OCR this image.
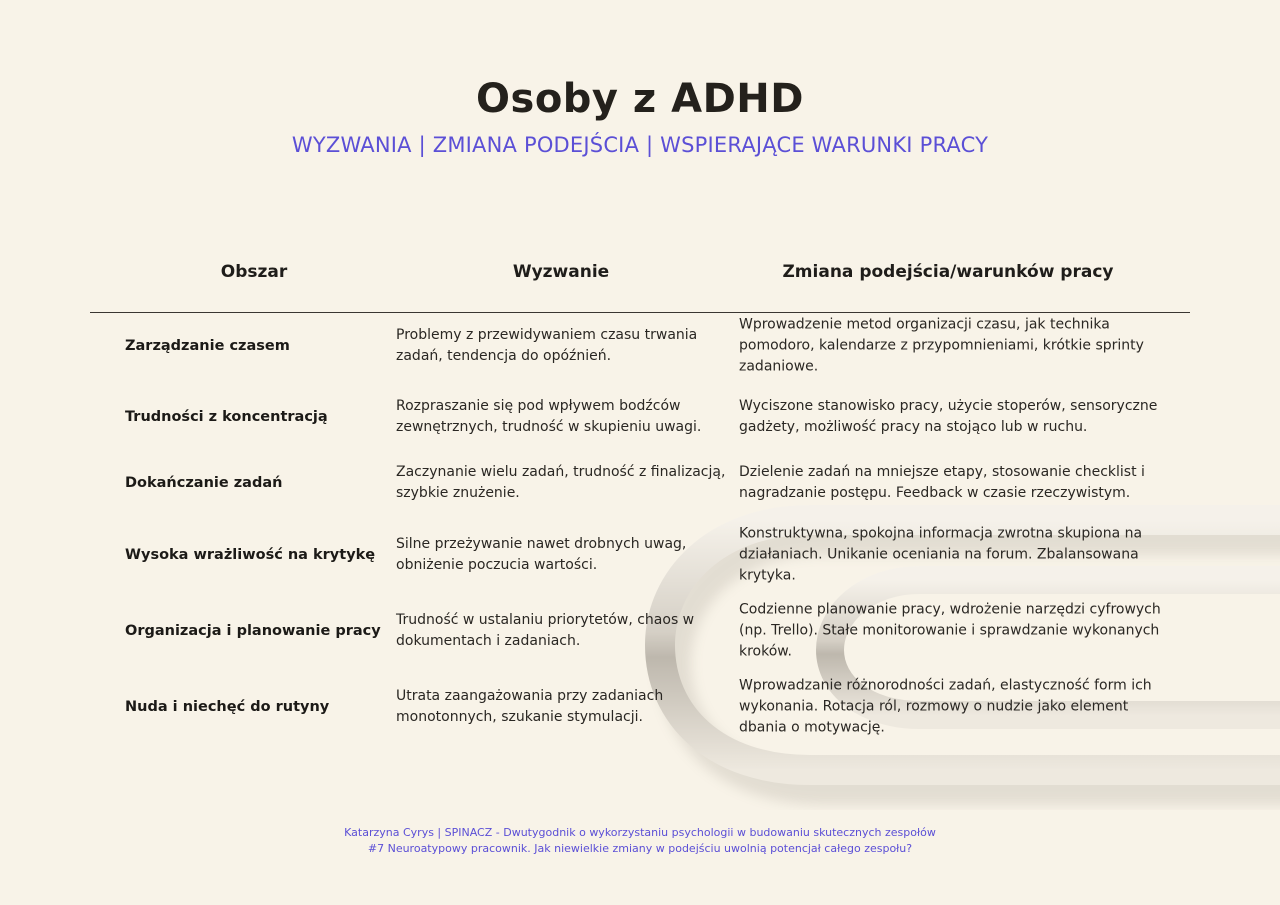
Osoby z ADHD
WYZWANIA | ZMIANA PODEJŚCIA | WSPIERAJĄCE WARUNKI PRACY
Obszar	Wyzwanie	Zmiana podejścia/warunków pracy
Zarządzanie czasem
Problemy z przewidywaniem czasu trwania zadań, tendencja do opóźnień.
Wprowadzenie metod organizacji czasu, jak technika pomodoro, kalendarze z przypomnieniami, krótkie sprinty zadaniowe.
Trudności z koncentracją
Rozpraszanie się pod wpływem bodźców zewnętrznych, trudność w skupieniu uwagi.
Wyciszone stanowisko pracy, użycie stoperów, sensoryczne gadżety, możliwość pracy na stojąco lub w ruchu.
Dokańczanie zadań
Zaczynanie wielu zadań, trudność z finalizacją, szybkie znużenie.
Dzielenie zadań na mniejsze etapy, stosowanie checklist i nagradzanie postępu. Feedback w czasie rzeczywistym.
Wysoka wrażliwość na krytykę
Silne przeżywanie nawet drobnych uwag, obniżenie poczucia wartości.
Konstruktywna, spokojna informacja zwrotna skupiona na działaniach. Unikanie oceniania na forum. Zbalansowana krytyka.
Organizacja i planowanie pracy
Trudność w ustalaniu priorytetów, chaos w dokumentach i zadaniach.
Codzienne planowanie pracy, wdrożenie narzędzi cyfrowych (np. Trello). Stałe monitorowanie i sprawdzanie wykonanych kroków.
Nuda i niechęć do rutyny
Utrata zaangażowania przy zadaniach monotonnych, szukanie stymulacji.
Wprowadzanie różnorodności zadań, elastyczność form ich wykonania. Rotacja ról, rozmowy o nudzie jako element dbania o motywację.
Katarzyna Cyrys | SPINACZ - Dwutygodnik o wykorzystaniu psychologii w budowaniu skutecznych zespołów
#7 Neuroatypowy pracownik. Jak niewielkie zmiany w podejściu uwolnią potencjał całego zespołu?
